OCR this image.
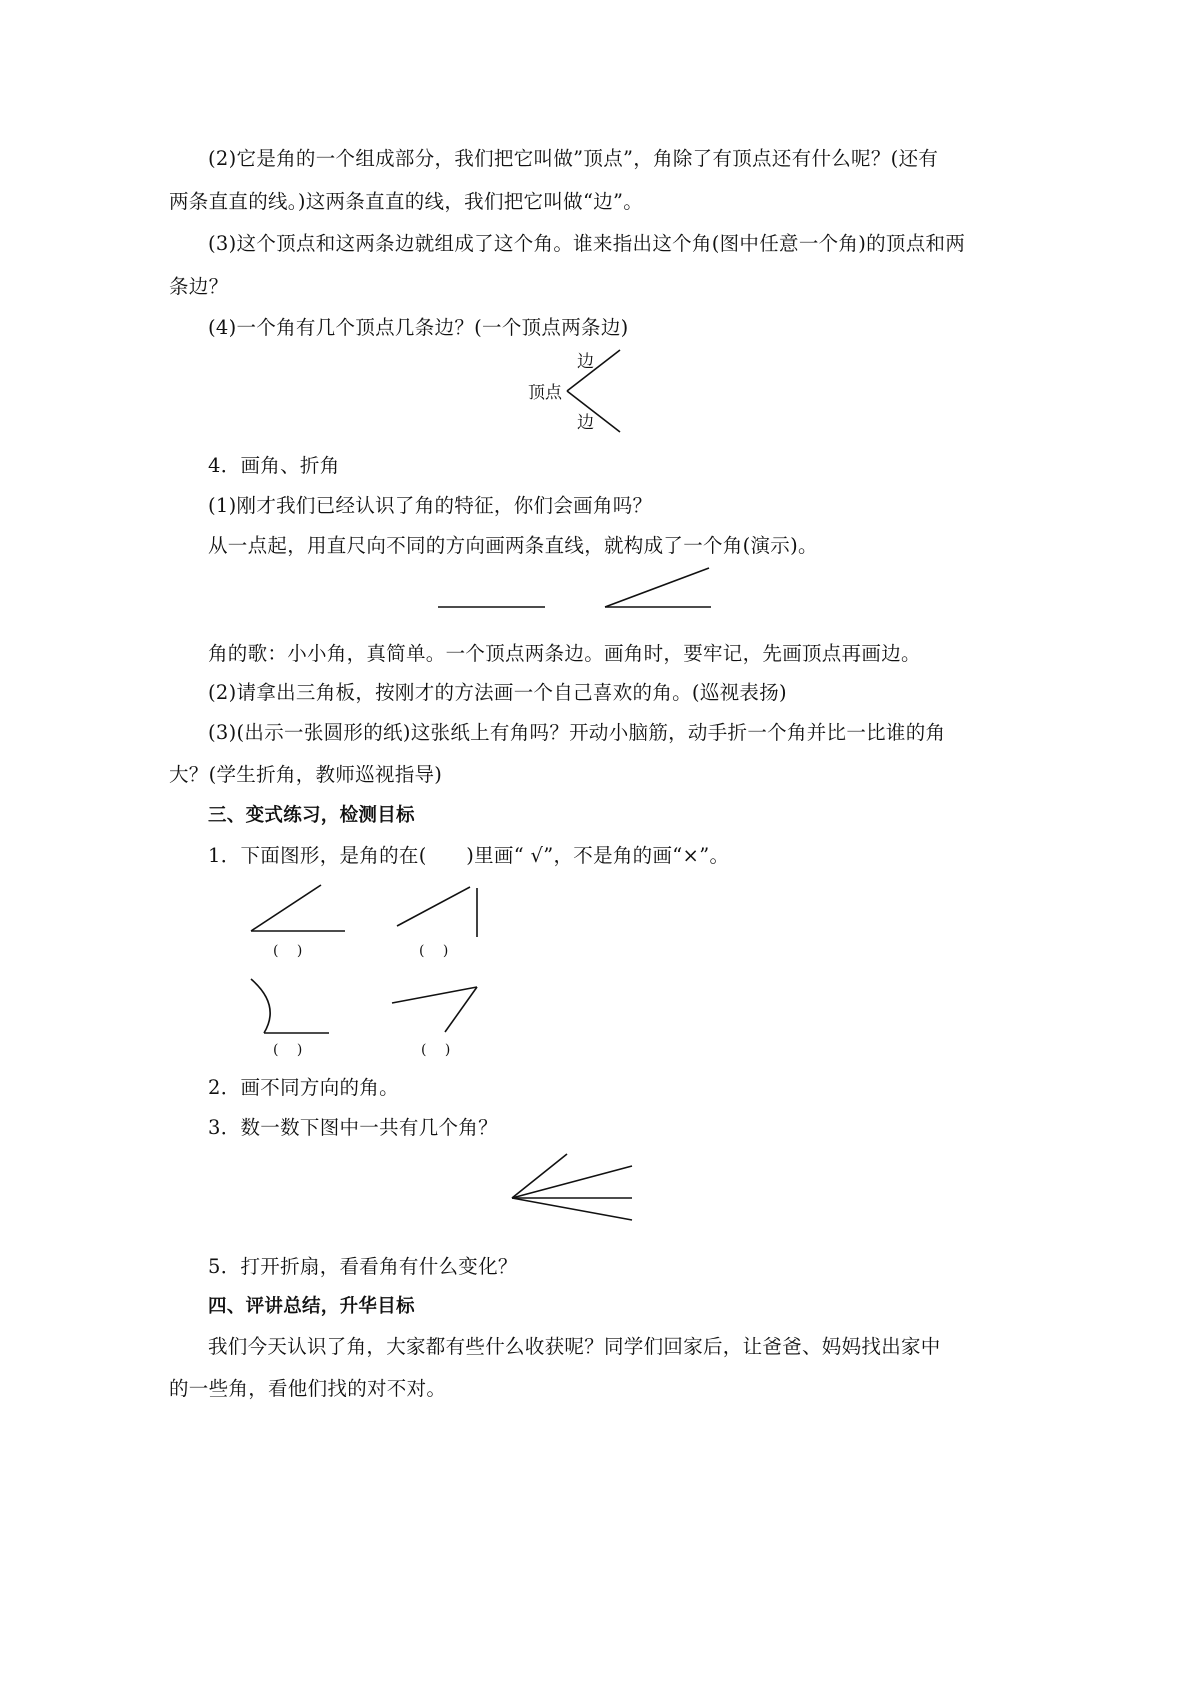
(2)它是角的一个组成部分，我们把它叫做”顶点”，角除了有顶点还有什么呢？(还有
两条直直的线。)这两条直直的线，我们把它叫做“边”。
(3)这个顶点和这两条边就组成了这个角。谁来指出这个角(图中任意一个角)的顶点和两
条边？
(4)一个角有几个顶点几条边？(一个顶点两条边)
边
顶点
边
4．画角、折角
(1)刚才我们已经认识了角的特征，你们会画角吗？
从一点起，用直尺向不同的方向画两条直线，就构成了一个角(演示)。
角的歌：小小角，真简单。一个顶点两条边。画角时，要牢记，先画顶点再画边。
(2)请拿出三角板，按刚才的方法画一个自己喜欢的角。(巡视表扬)
(3)(出示一张圆形的纸)这张纸上有角吗？开动小脑筋，动手折一个角并比一比谁的角
大？(学生折角，教师巡视指导)
三、变式练习，检测目标
1．下面图形，是角的在(　　)里画“ √”，不是角的画“×”。
(　 )	(　 )
(　 )	(　 )
2．画不同方向的角。
3．数一数下图中一共有几个角？
5．打开折扇，看看角有什么变化？
四、评讲总结，升华目标
我们今天认识了角，大家都有些什么收获呢？同学们回家后，让爸爸、妈妈找出家中
的一些角，看他们找的对不对。
